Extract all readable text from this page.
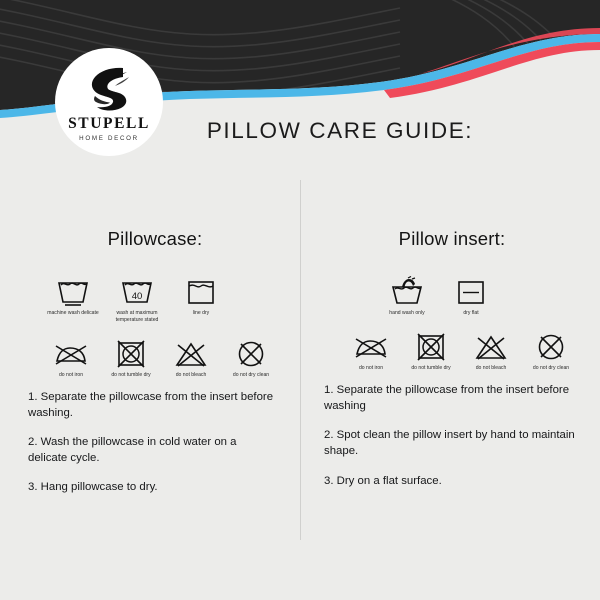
STUPELL
HOME DECOR	PILLOW CARE GUIDE:
Pillowcase:
machine wash delicate
40
wash at maximum temperature stated
line dry
do not iron	do not tumble dry	do not bleach	do not dry clean
1. Separate the pillowcase from the insert before washing.
2. Wash the pillowcase in cold water on a delicate cycle.
3. Hang pillowcase to dry.
Pillow insert:
hand wash only	dry flat
do not iron	do not tumble dry	do not bleach	do not dry clean
1. Separate the pillowcase from the insert before washing
2. Spot clean the pillow insert by hand to maintain shape.
3. Dry on a flat surface.
